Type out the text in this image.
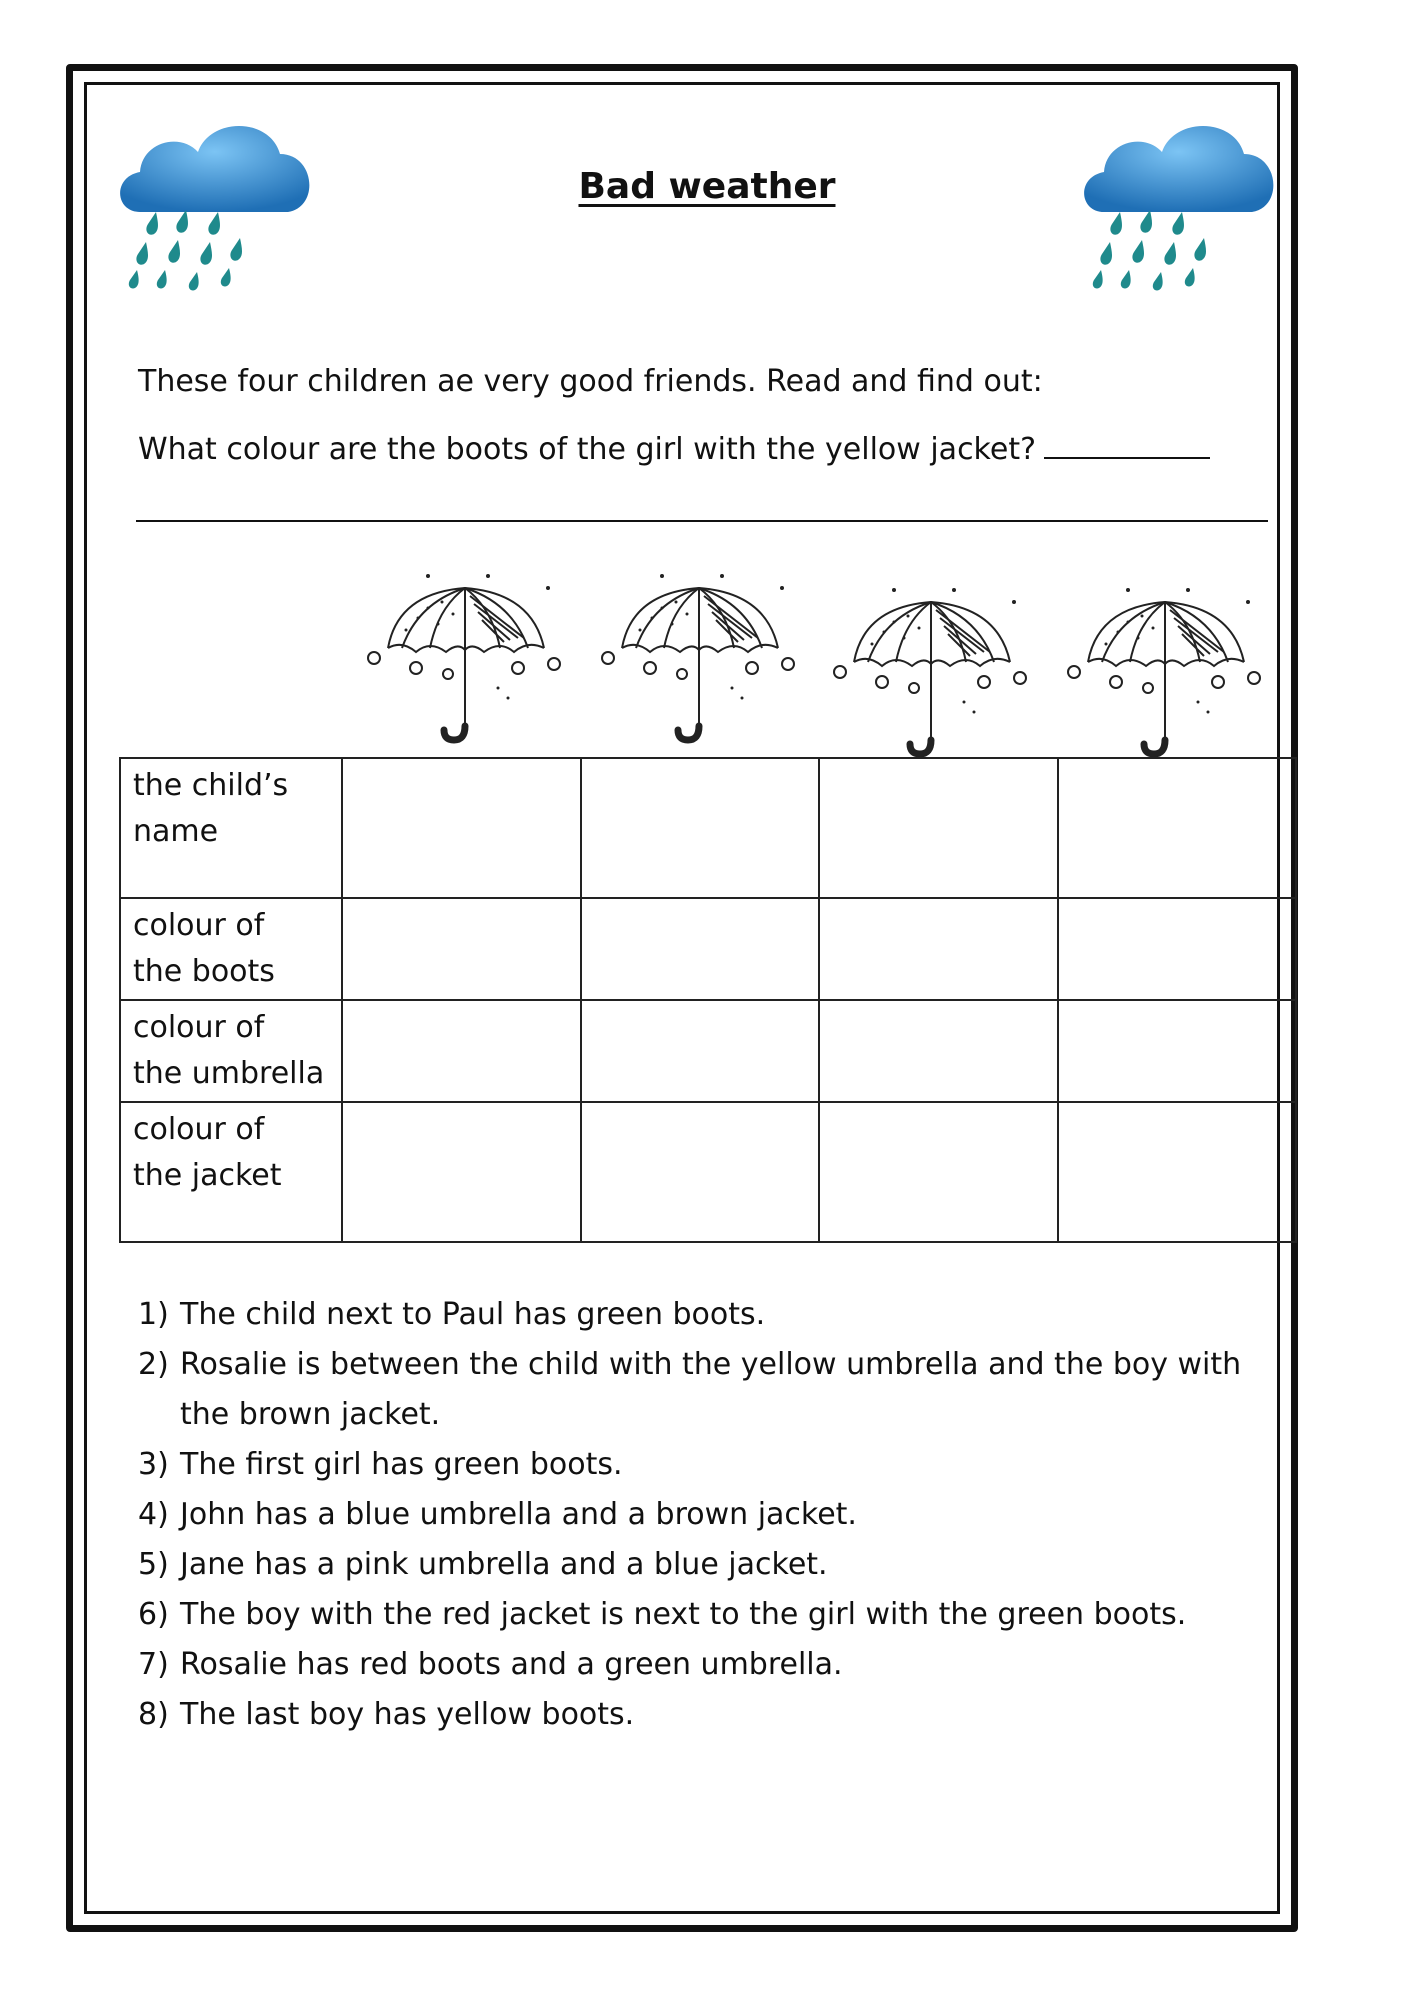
Bad weather
These four children ae very good friends. Read and find out:
What colour are the boots of the girl with the yellow jacket?
the child’s
name				
colour of
the boots				
colour of
the umbrella				
colour of
the jacket				
1) The child next to Paul has green boots.
2) Rosalie is between the child with the yellow umbrella and the boy with the brown jacket.
3) The first girl has green boots.
4) John has a blue umbrella and a brown jacket.
5) Jane has a pink umbrella and a blue jacket.
6) The boy with the red jacket is next to the girl with the green boots.
7) Rosalie has red boots and a green umbrella.
8) The last boy has yellow boots.
